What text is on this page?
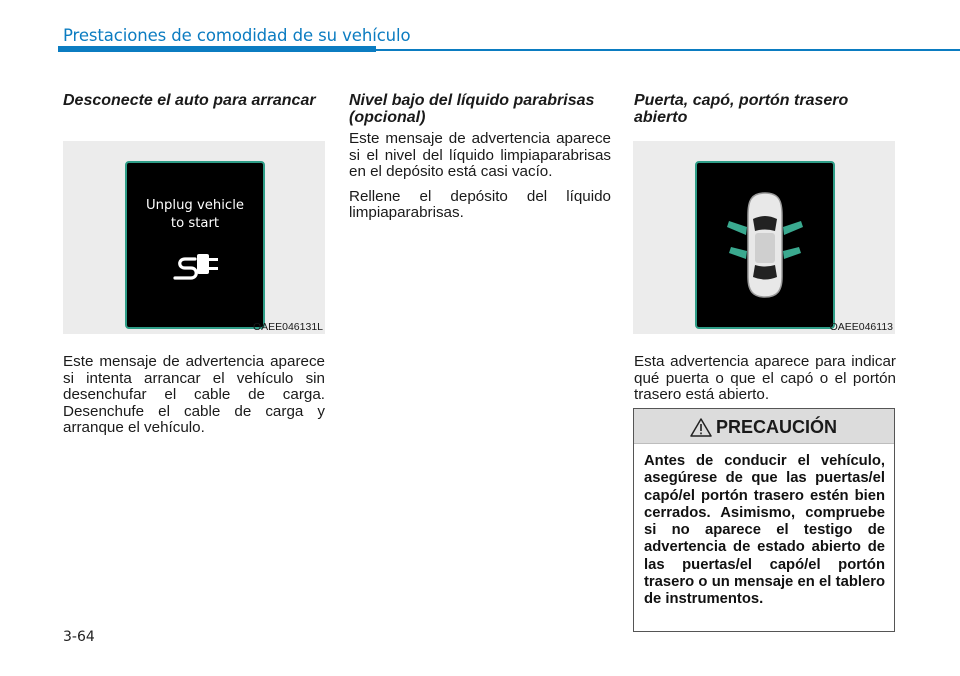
Prestaciones de comodidad de su vehículo
Desconecte el auto para arrancar
Unplug vehicle
to start
OAEE046131L

Este mensaje de advertencia aparece si intenta arrancar el vehículo sin desenchufar el cable de carga. Desenchufe el cable de carga y arranque el vehículo.

Nivel bajo del líquido parabrisas (opcional)

Este mensaje de advertencia aparece si el nivel del líquido limpiaparabrisas en el depósito está casi vacío.

Rellene el depósito del líquido limpiaparabrisas.

Puerta, capó, portón trasero abierto
OAEE046113

Esta advertencia aparece para indicar qué puerta o que el capó o el portón trasero está abierto.

PRECAUCIÓN
Antes de conducir el vehículo, asegúrese de que las puertas/el capó/el portón trasero estén bien cerrados. Asimismo, compruebe si no aparece el testigo de advertencia de estado abierto de las puertas/el capó/el portón trasero o un mensaje en el tablero de instrumentos.
3-64
